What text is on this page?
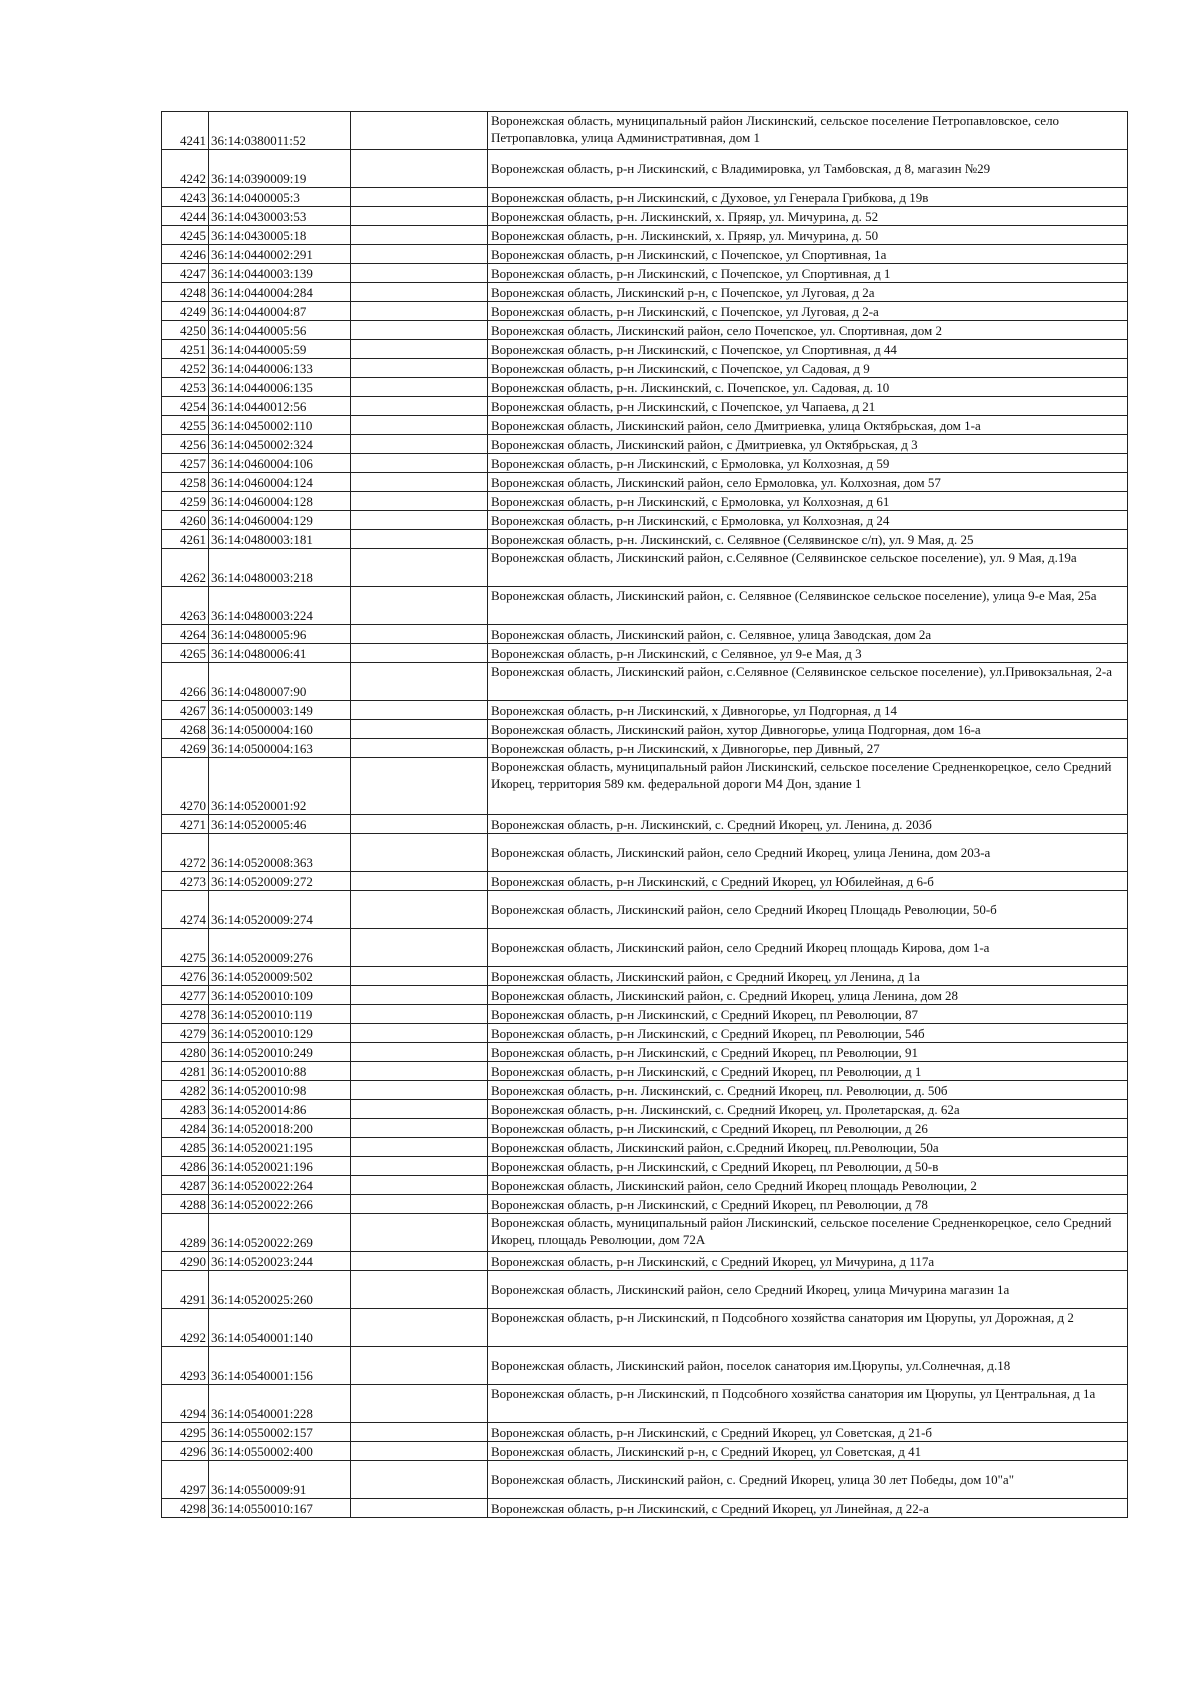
4241	36:14:0380011:52		Воронежская область, муниципальный район Лискинский, сельское поселение Петропавловское, село Петропавловка, улица Административная, дом 1
4242	36:14:0390009:19		Воронежская область, р-н Лискинский, с Владимировка, ул Тамбовская, д 8, магазин №29
4243	36:14:0400005:3		Воронежская область, р-н Лискинский, с Духовое, ул Генерала Грибкова, д 19в
4244	36:14:0430003:53		Воронежская область, р-н. Лискинский, х. Пряяр, ул. Мичурина, д. 52
4245	36:14:0430005:18		Воронежская область, р-н. Лискинский, х. Пряяр, ул. Мичурина, д. 50
4246	36:14:0440002:291		Воронежская область, р-н Лискинский, с Почепское, ул Спортивная, 1а
4247	36:14:0440003:139		Воронежская область, р-н Лискинский, с Почепское, ул Спортивная, д 1
4248	36:14:0440004:284		Воронежская область, Лискинский р-н, с Почепское, ул Луговая, д 2а
4249	36:14:0440004:87		Воронежская область, р-н Лискинский, с Почепское, ул Луговая, д 2-а
4250	36:14:0440005:56		Воронежская область, Лискинский район, село Почепское, ул. Спортивная, дом 2
4251	36:14:0440005:59		Воронежская область, р-н Лискинский, с Почепское, ул Спортивная, д 44
4252	36:14:0440006:133		Воронежская область, р-н Лискинский, с Почепское, ул Садовая, д 9
4253	36:14:0440006:135		Воронежская область, р-н. Лискинский, с. Почепское, ул. Садовая, д. 10
4254	36:14:0440012:56		Воронежская область, р-н Лискинский, с Почепское, ул Чапаева, д 21
4255	36:14:0450002:110		Воронежская область, Лискинский район, село Дмитриевка, улица Октябрьская, дом 1-а
4256	36:14:0450002:324		Воронежская область, Лискинский район, с Дмитриевка, ул Октябрьская, д 3
4257	36:14:0460004:106		Воронежская область, р-н Лискинский, с Ермоловка, ул Колхозная, д 59
4258	36:14:0460004:124		Воронежская область, Лискинский район, село Ермоловка, ул. Колхозная, дом 57
4259	36:14:0460004:128		Воронежская область, р-н Лискинский, с Ермоловка, ул Колхозная, д 61
4260	36:14:0460004:129		Воронежская область, р-н Лискинский, с Ермоловка, ул Колхозная, д 24
4261	36:14:0480003:181		Воронежская область, р-н. Лискинский, с. Селявное (Селявинское с/п), ул. 9 Мая, д. 25
4262	36:14:0480003:218		Воронежская область, Лискинский район, с.Селявное (Селявинское сельское поселение), ул. 9 Мая, д.19а
4263	36:14:0480003:224		Воронежская область, Лискинский район, с. Селявное (Селявинское сельское поселение), улица 9-е Мая, 25а
4264	36:14:0480005:96		Воронежская область, Лискинский район, с. Селявное, улица Заводская, дом 2а
4265	36:14:0480006:41		Воронежская область, р-н Лискинский, с Селявное, ул 9-е Мая, д 3
4266	36:14:0480007:90		Воронежская область, Лискинский район, с.Селявное (Селявинское сельское поселение), ул.Привокзальная, 2-а
4267	36:14:0500003:149		Воронежская область, р-н Лискинский, х Дивногорье, ул Подгорная, д 14
4268	36:14:0500004:160		Воронежская область, Лискинский район, хутор Дивногорье, улица Подгорная, дом 16-а
4269	36:14:0500004:163		Воронежская область, р-н Лискинский, х Дивногорье, пер Дивный, 27
4270	36:14:0520001:92		Воронежская область, муниципальный район Лискинский, сельское поселение Средненкорецкое, село Средний Икорец, территория 589 км. федеральной дороги М4 Дон, здание 1
4271	36:14:0520005:46		Воронежская область, р-н. Лискинский, с. Средний Икорец, ул. Ленина, д. 203б
4272	36:14:0520008:363		Воронежская область, Лискинский район, село Средний Икорец, улица Ленина, дом 203-а
4273	36:14:0520009:272		Воронежская область, р-н Лискинский, с Средний Икорец, ул Юбилейная, д 6-б
4274	36:14:0520009:274		Воронежская область, Лискинский район, село Средний Икорец Площадь Революции, 50-б
4275	36:14:0520009:276		Воронежская область, Лискинский район, село Средний Икорец площадь Кирова, дом 1-а
4276	36:14:0520009:502		Воронежская область, Лискинский район, с Средний Икорец, ул Ленина, д 1а
4277	36:14:0520010:109		Воронежская область, Лискинский район, с. Средний Икорец, улица Ленина, дом 28
4278	36:14:0520010:119		Воронежская область, р-н Лискинский, с Средний Икорец, пл Революции, 87
4279	36:14:0520010:129		Воронежская область, р-н Лискинский, с Средний Икорец, пл Революции, 54б
4280	36:14:0520010:249		Воронежская область, р-н Лискинский, с Средний Икорец, пл Революции, 91
4281	36:14:0520010:88		Воронежская область, р-н Лискинский, с Средний Икорец, пл Революции, д 1
4282	36:14:0520010:98		Воронежская область, р-н. Лискинский, с. Средний Икорец, пл. Революции, д. 50б
4283	36:14:0520014:86		Воронежская область, р-н. Лискинский, с. Средний Икорец, ул. Пролетарская, д. 62а
4284	36:14:0520018:200		Воронежская область, р-н Лискинский, с Средний Икорец, пл Революции, д 26
4285	36:14:0520021:195		Воронежская область, Лискинский район, с.Средний Икорец, пл.Революции, 50а
4286	36:14:0520021:196		Воронежская область, р-н Лискинский, с Средний Икорец, пл Революции, д 50-в
4287	36:14:0520022:264		Воронежская область, Лискинский район, село Средний Икорец площадь Революции, 2
4288	36:14:0520022:266		Воронежская область, р-н Лискинский, с Средний Икорец, пл Революции, д 78
4289	36:14:0520022:269		Воронежская область, муниципальный район Лискинский, сельское поселение Средненкорецкое, село Средний Икорец, площадь Революции, дом 72А
4290	36:14:0520023:244		Воронежская область, р-н Лискинский, с Средний Икорец, ул Мичурина, д 117а
4291	36:14:0520025:260		Воронежская область, Лискинский район, село Средний Икорец, улица Мичурина магазин 1а
4292	36:14:0540001:140		Воронежская область, р-н Лискинский, п Подсобного хозяйства санатория им Цюрупы, ул Дорожная, д 2
4293	36:14:0540001:156		Воронежская область, Лискинский район, поселок санатория им.Цюрупы, ул.Солнечная, д.18
4294	36:14:0540001:228		Воронежская область, р-н Лискинский, п Подсобного хозяйства санатория им Цюрупы, ул Центральная, д 1а
4295	36:14:0550002:157		Воронежская область, р-н Лискинский, с Средний Икорец, ул Советская, д 21-б
4296	36:14:0550002:400		Воронежская область, Лискинский р-н, с Средний Икорец, ул Советская, д 41
4297	36:14:0550009:91		Воронежская область, Лискинский район, с. Средний Икорец, улица 30 лет Победы, дом 10"а"
4298	36:14:0550010:167		Воронежская область, р-н Лискинский, с Средний Икорец, ул Линейная, д 22-а
